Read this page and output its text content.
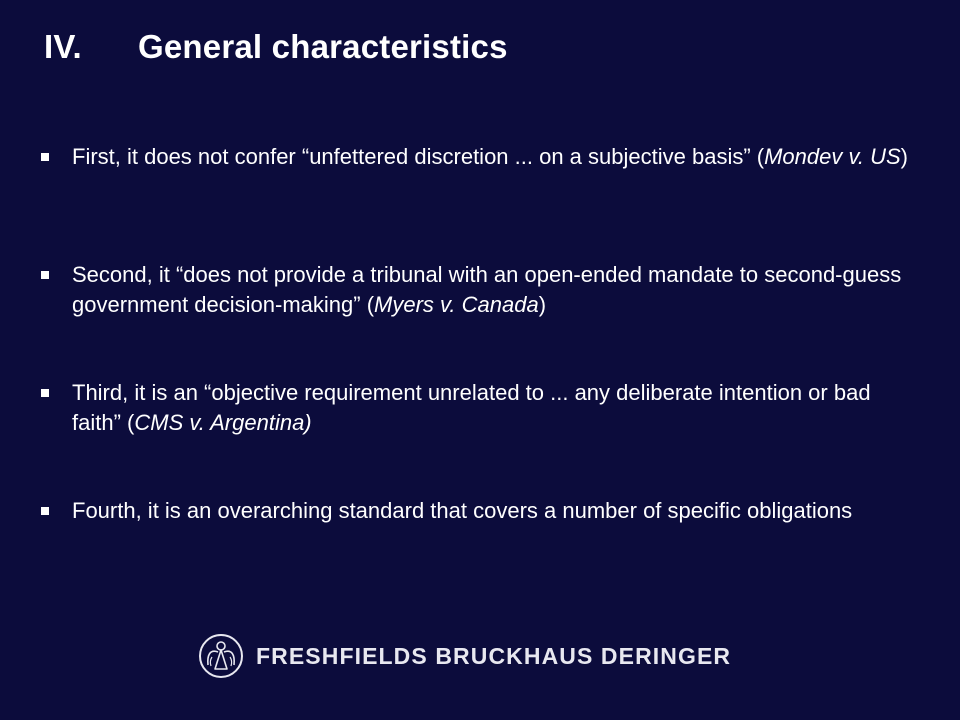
IV. General characteristics
First, it does not confer “unfettered discretion ... on a subjective basis” (Mondev v. US)
Second, it “does not provide a tribunal with an open-ended mandate to second-guess government decision-making” (Myers v. Canada)
Third, it is an “objective requirement unrelated to ... any deliberate intention or bad faith” (CMS v. Argentina)
Fourth, it is an overarching standard that covers a number of specific obligations
FRESHFIELDS BRUCKHAUS DERINGER
